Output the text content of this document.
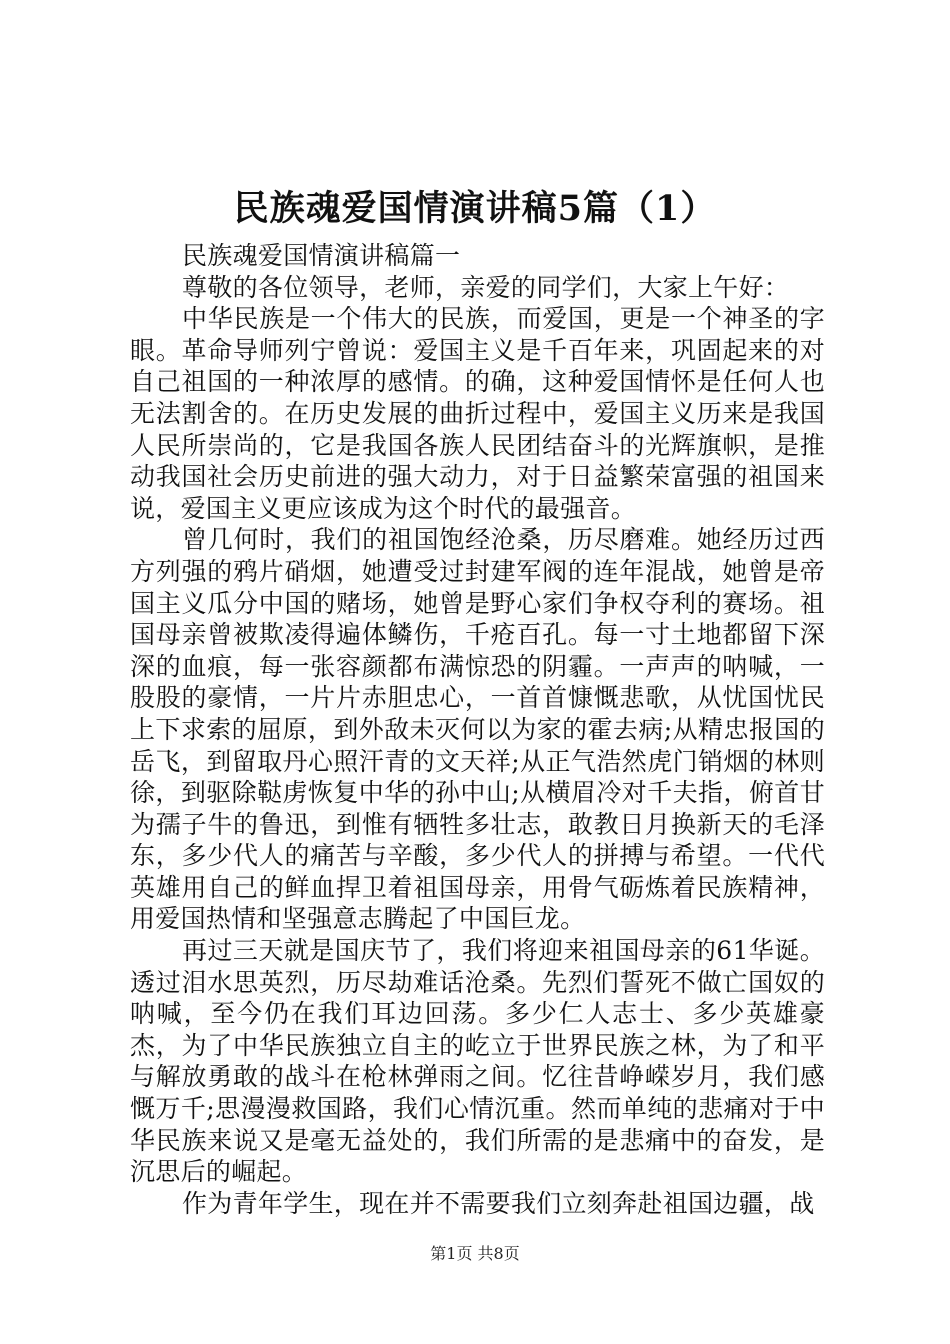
民族魂爱国情演讲稿5篇（1）

民族魂爱国情演讲稿篇一

尊敬的各位领导，老师，亲爱的同学们，大家上午好：

中华民族是一个伟大的民族，而爱国，更是一个神圣的字眼。革命导师列宁曾说：爱国主义是千百年来，巩固起来的对自己祖国的一种浓厚的感情。的确，这种爱国情怀是任何人也无法割舍的。在历史发展的曲折过程中，爱国主义历来是我国人民所崇尚的，它是我国各族人民团结奋斗的光辉旗帜，是推动我国社会历史前进的强大动力，对于日益繁荣富强的祖国来说，爱国主义更应该成为这个时代的最强音。

曾几何时，我们的祖国饱经沧桑，历尽磨难。她经历过西方列强的鸦片硝烟，她遭受过封建军阀的连年混战，她曾是帝国主义瓜分中国的赌场，她曾是野心家们争权夺利的赛场。祖国母亲曾被欺凌得遍体鳞伤，千疮百孔。每一寸土地都留下深深的血痕，每一张容颜都布满惊恐的阴霾。一声声的呐喊，一股股的豪情，一片片赤胆忠心，一首首慷慨悲歌，从忧国忧民上下求索的屈原，到外敌未灭何以为家的霍去病;从精忠报国的岳飞，到留取丹心照汗青的文天祥;从正气浩然虎门销烟的林则徐，到驱除鞑虏恢复中华的孙中山;从横眉冷对千夫指，俯首甘为孺子牛的鲁迅，到惟有牺牲多壮志，敢教日月换新天的毛泽东，多少代人的痛苦与辛酸，多少代人的拼搏与希望。一代代英雄用自己的鲜血捍卫着祖国母亲，用骨气砺炼着民族精神，用爱国热情和坚强意志腾起了中国巨龙。

再过三天就是国庆节了，我们将迎来祖国母亲的61华诞。透过泪水思英烈，历尽劫难话沧桑。先烈们誓死不做亡国奴的呐喊，至今仍在我们耳边回荡。多少仁人志士、多少英雄豪杰，为了中华民族独立自主的屹立于世界民族之林，为了和平与解放勇敢的战斗在枪林弹雨之间。忆往昔峥嵘岁月，我们感慨万千;思漫漫救国路，我们心情沉重。然而单纯的悲痛对于中华民族来说又是毫无益处的，我们所需的是悲痛中的奋发，是沉思后的崛起。

作为青年学生，现在并不需要我们立刻奔赴祖国边疆，战

第1页 共8页
